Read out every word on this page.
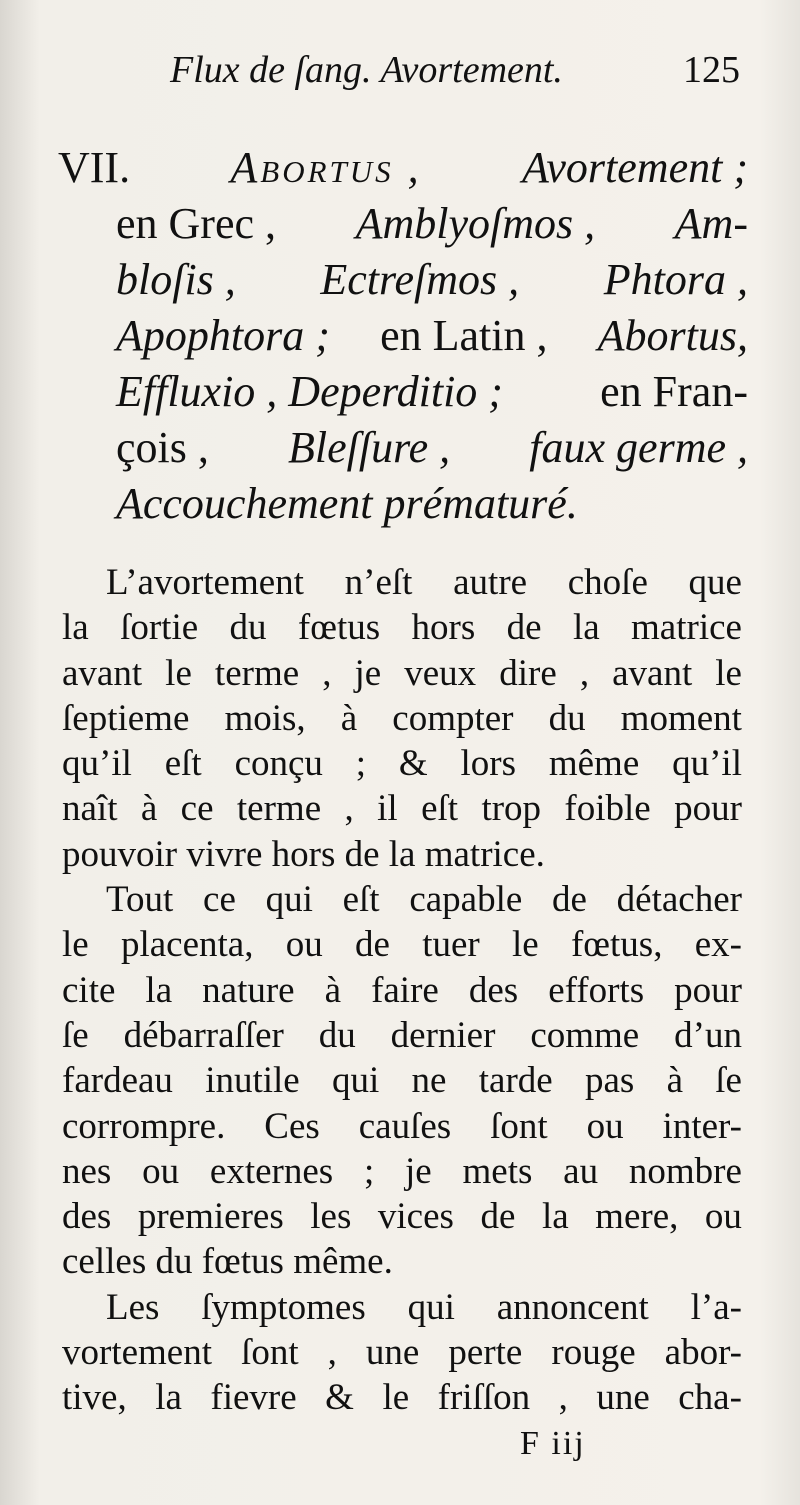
Flux de ſang. Avortement.	125
VII. Abortus , Avortement ;
en Grec , Amblyoſmos , Am-
bloſis , Ectreſmos , Phtora ,
Apophtora ; en Latin , Abortus,
Effluxio , Deperditio ; en Fran-
çois , Bleſſure , faux germe ,
Accouchement prématuré.
L’avortement n’eſt autre choſe que
la ſortie du fœtus hors de la matrice
avant le terme , je veux dire , avant le
ſeptieme mois, à compter du moment
qu’il eſt conçu ; & lors même qu’il
naît à ce terme , il eſt trop foible pour
pouvoir vivre hors de la matrice.
Tout ce qui eſt capable de détacher
le placenta, ou de tuer le fœtus, ex-
cite la nature à faire des efforts pour
ſe débarraſſer du dernier comme d’un
fardeau inutile qui ne tarde pas à ſe
corrompre. Ces cauſes ſont ou inter-
nes ou externes ; je mets au nombre
des premieres les vices de la mere, ou
celles du fœtus même.
Les ſymptomes qui annoncent l’a-
vortement ſont , une perte rouge abor-
tive, la fievre & le friſſon , une cha-
F iij
